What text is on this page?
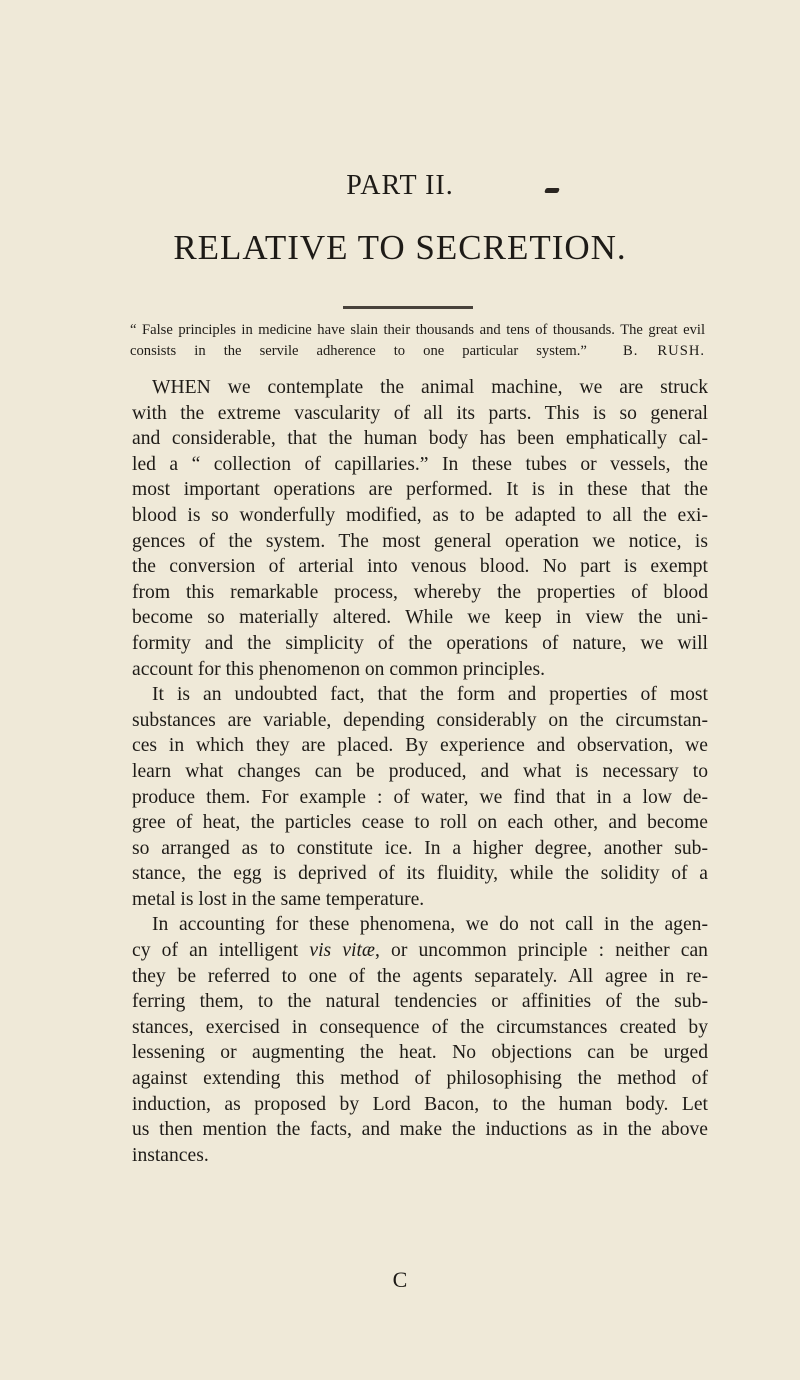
PART II.
RELATIVE TO SECRETION.

“ False principles in medicine have slain their thousands and tens of thousands. The great evil consists in the servile adherence to one particular system.” B. RUSH.

WHEN we contemplate the animal machine, we are struck
with the extreme vascularity of all its parts. This is so general
and considerable, that the human body has been emphatically cal-
led a “ collection of capillaries.” In these tubes or vessels, the
most important operations are performed. It is in these that the
blood is so wonderfully modified, as to be adapted to all the exi-
gences of the system. The most general operation we notice, is
the conversion of arterial into venous blood. No part is exempt
from this remarkable process, whereby the properties of blood
become so materially altered. While we keep in view the uni-
formity and the simplicity of the operations of nature, we will
account for this phenomenon on common principles.
It is an undoubted fact, that the form and properties of most
substances are variable, depending considerably on the circumstan-
ces in which they are placed. By experience and observation, we
learn what changes can be produced, and what is necessary to
produce them. For example : of water, we find that in a low de-
gree of heat, the particles cease to roll on each other, and become
so arranged as to constitute ice. In a higher degree, another sub-
stance, the egg is deprived of its fluidity, while the solidity of a
metal is lost in the same temperature.
In accounting for these phenomena, we do not call in the agen-
cy of an intelligent vis vitæ, or uncommon principle : neither can
they be referred to one of the agents separately. All agree in re-
ferring them, to the natural tendencies or affinities of the sub-
stances, exercised in consequence of the circumstances created by
lessening or augmenting the heat. No objections can be urged
against extending this method of philosophising the method of
induction, as proposed by Lord Bacon, to the human body. Let
us then mention the facts, and make the inductions as in the above
instances.

C
